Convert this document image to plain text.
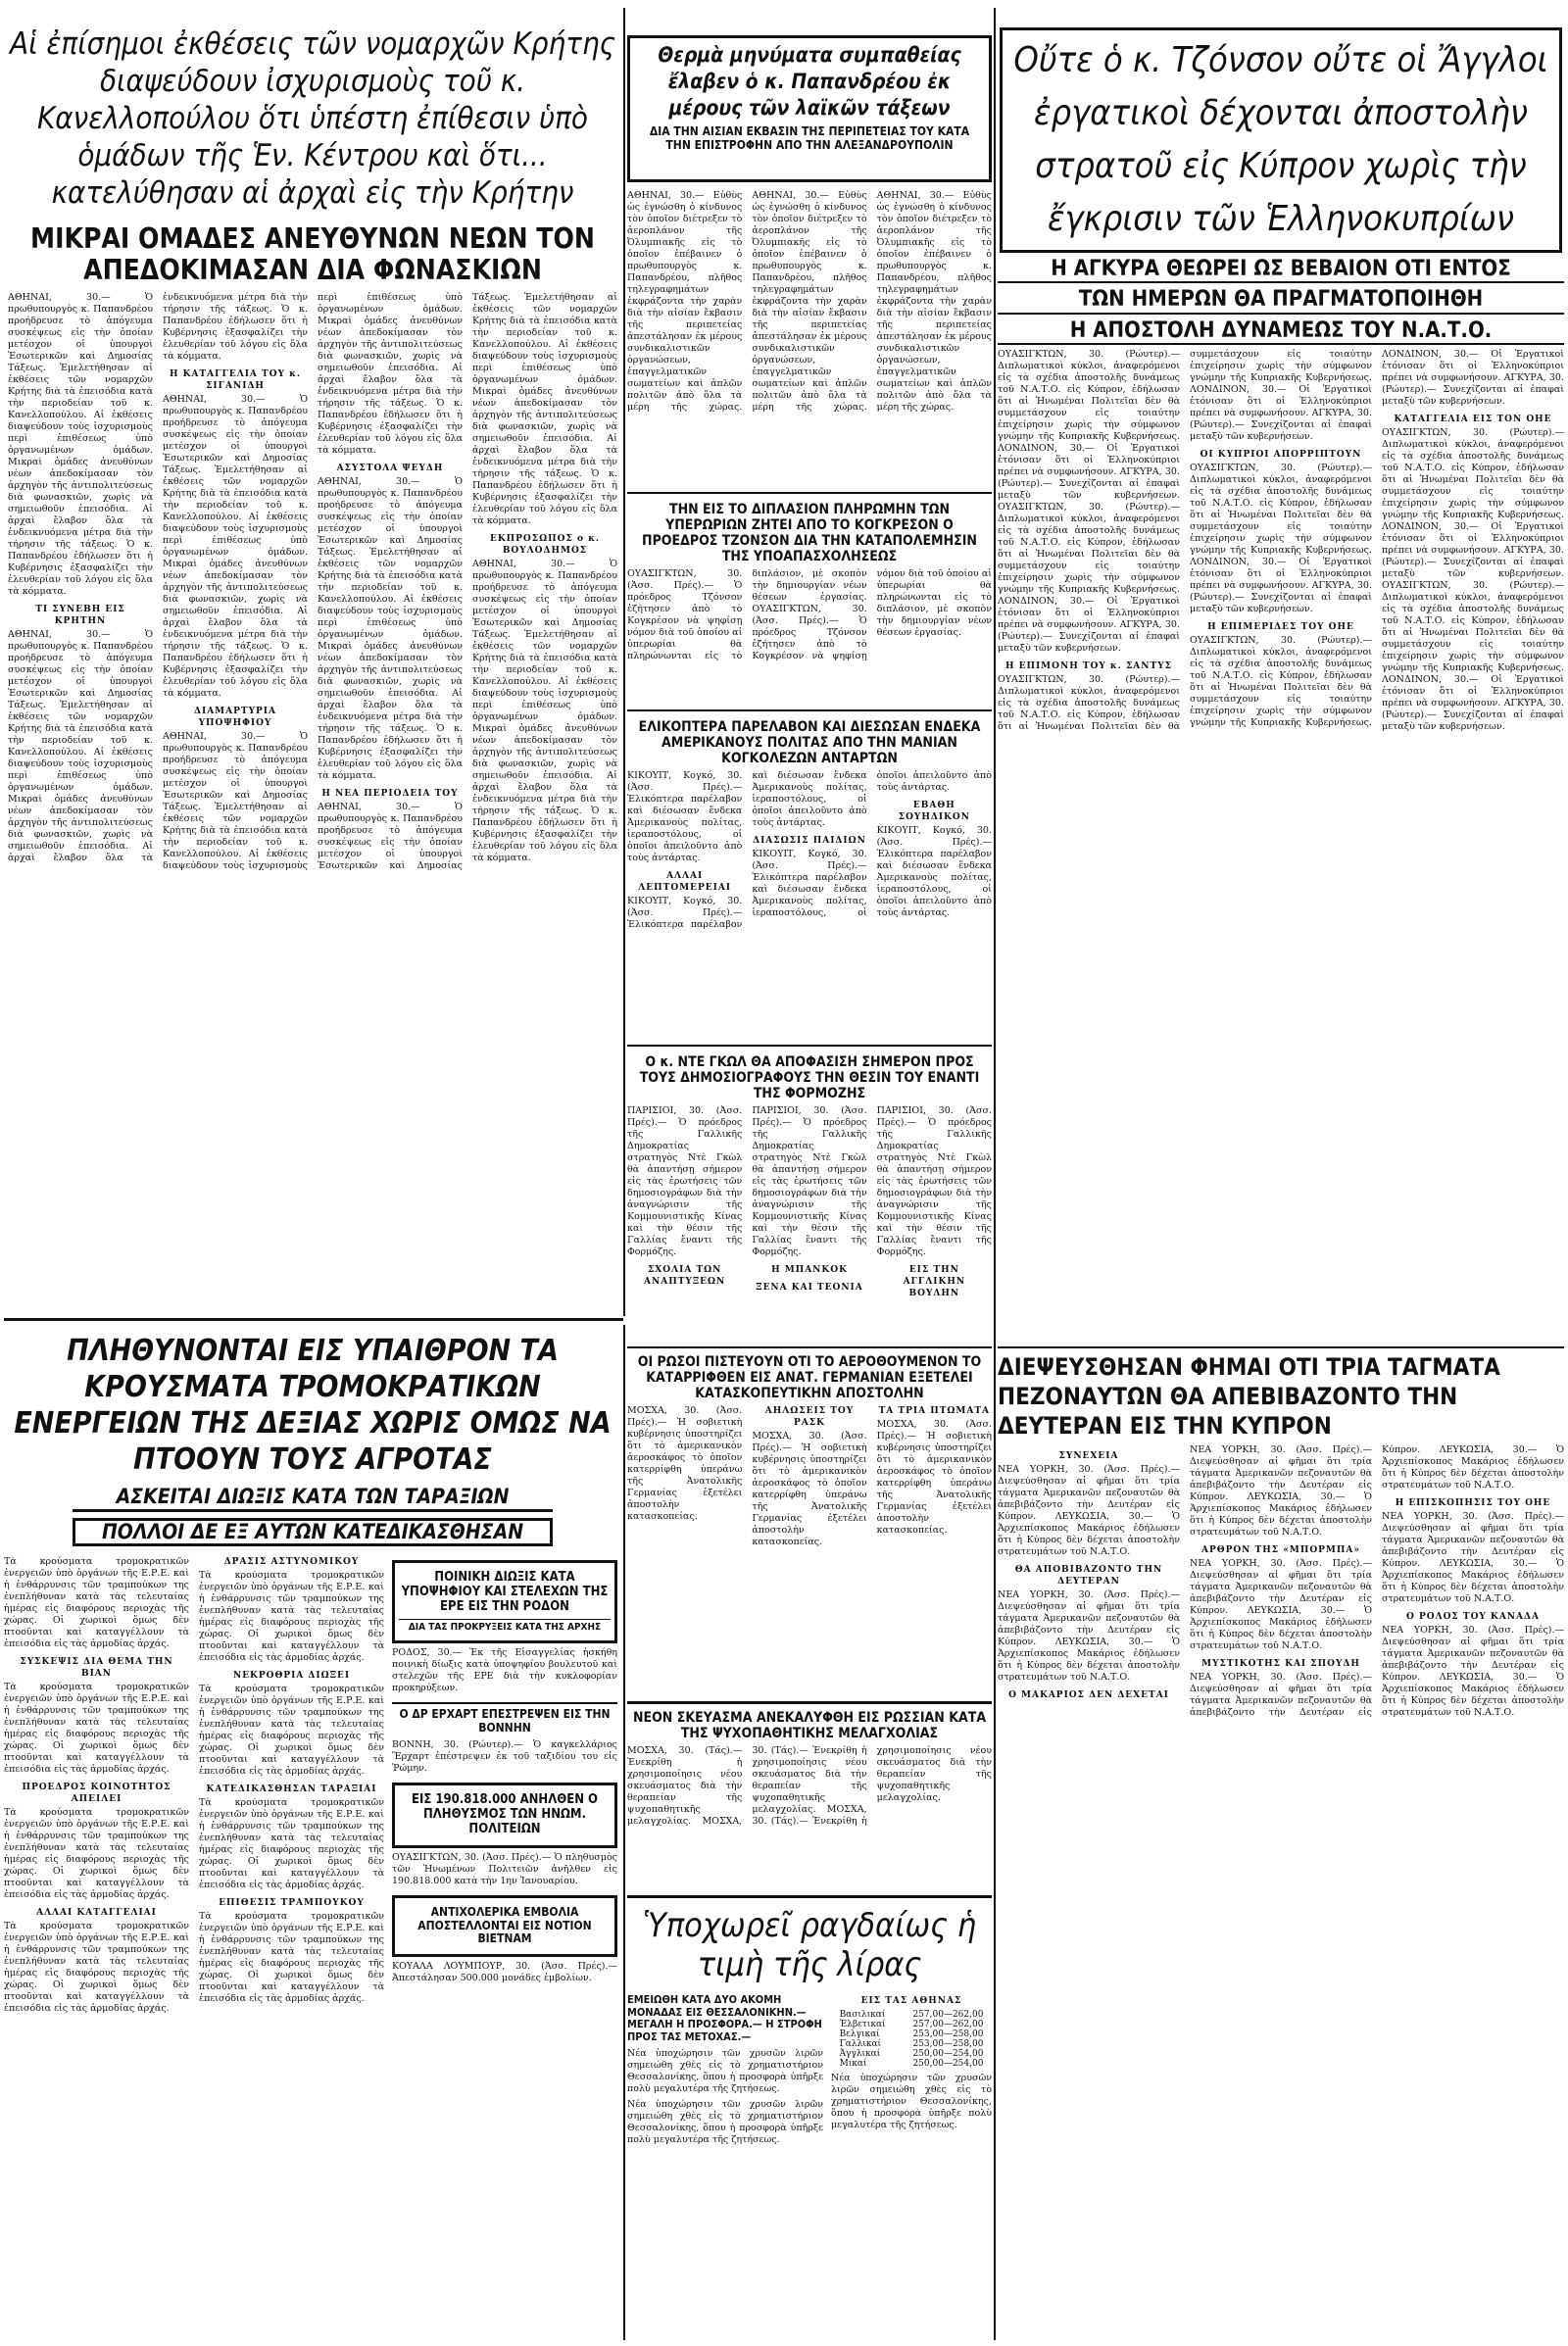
Αἱ ἐπίσημοι ἐκθέσεις τῶν νομαρχῶν Κρήτης διαψεύδουν ἰσχυρισμοὺς τοῦ κ. Κανελλοπούλου ὅτι ὑπέστη ἐπίθεσιν ὑπὸ ὁμάδων τῆς Ἑν. Κέντρου καὶ ὅτι... κατελύθησαν αἱ ἀρχαὶ εἰς τὴν Κρήτην
ΜΙΚΡΑΙ ΟΜΑΔΕΣ ΑΝΕΥΘΥΝΩΝ ΝΕΩΝ ΤΟΝ ΑΠΕΔΟΚΙΜΑΣΑΝ ΔΙΑ ΦΩΝΑΣΚΙΩΝ
ΑΘΗΝΑΙ, 30.— Ὁ πρωθυπουργὸς κ. Παπανδρέου προήδρευσε τὸ ἀπόγευμα συσκέψεως εἰς τὴν ὁποίαν μετέσχον οἱ ὑπουργοὶ Ἐσωτερικῶν καὶ Δημοσίας Τάξεως. Ἐμελετήθησαν αἱ ἐκθέσεις τῶν νομαρχῶν Κρήτης διὰ τὰ ἐπεισόδια κατὰ τὴν περιοδείαν τοῦ κ. Κανελλοπούλου. Αἱ ἐκθέσεις διαψεύδουν τοὺς ἰσχυρισμοὺς περὶ ἐπιθέσεως ὑπὸ ὀργανωμένων ὁμάδων. Μικραὶ ὁμάδες ἀνευθύνων νέων ἀπεδοκίμασαν τὸν ἀρχηγὸν τῆς ἀντιπολιτεύσεως διὰ φωνασκιῶν, χωρὶς νὰ σημειωθοῦν ἐπεισόδια. Αἱ ἀρχαὶ ἔλαβον ὅλα τὰ ἐνδεικνυόμενα μέτρα διὰ τὴν τήρησιν τῆς τάξεως. Ὁ κ. Παπανδρέου ἐδήλωσεν ὅτι ἡ Κυβέρνησις ἐξασφαλίζει τὴν ἐλευθερίαν τοῦ λόγου εἰς ὅλα τὰ κόμματα.
ΤΙ ΣΥΝΕΒΗ ΕΙΣ ΚΡΗΤΗΝ
ΑΘΗΝΑΙ, 30.— Ὁ πρωθυπουργὸς κ. Παπανδρέου προήδρευσε τὸ ἀπόγευμα συσκέψεως εἰς τὴν ὁποίαν μετέσχον οἱ ὑπουργοὶ Ἐσωτερικῶν καὶ Δημοσίας Τάξεως. Ἐμελετήθησαν αἱ ἐκθέσεις τῶν νομαρχῶν Κρήτης διὰ τὰ ἐπεισόδια κατὰ τὴν περιοδείαν τοῦ κ. Κανελλοπούλου. Αἱ ἐκθέσεις διαψεύδουν τοὺς ἰσχυρισμοὺς περὶ ἐπιθέσεως ὑπὸ ὀργανωμένων ὁμάδων. Μικραὶ ὁμάδες ἀνευθύνων νέων ἀπεδοκίμασαν τὸν ἀρχηγὸν τῆς ἀντιπολιτεύσεως διὰ φωνασκιῶν, χωρὶς νὰ σημειωθοῦν ἐπεισόδια. Αἱ ἀρχαὶ ἔλαβον ὅλα τὰ ἐνδεικνυόμενα μέτρα διὰ τὴν τήρησιν τῆς τάξεως. Ὁ κ. Παπανδρέου ἐδήλωσεν ὅτι ἡ Κυβέρνησις ἐξασφαλίζει τὴν ἐλευθερίαν τοῦ λόγου εἰς ὅλα τὰ κόμματα.
Η ΚΑΤΑΓΓΕΛΙΑ ΤΟΥ κ. ΣΙΓΑΝΙΔΗ
ΑΘΗΝΑΙ, 30.— Ὁ πρωθυπουργὸς κ. Παπανδρέου προήδρευσε τὸ ἀπόγευμα συσκέψεως εἰς τὴν ὁποίαν μετέσχον οἱ ὑπουργοὶ Ἐσωτερικῶν καὶ Δημοσίας Τάξεως. Ἐμελετήθησαν αἱ ἐκθέσεις τῶν νομαρχῶν Κρήτης διὰ τὰ ἐπεισόδια κατὰ τὴν περιοδείαν τοῦ κ. Κανελλοπούλου. Αἱ ἐκθέσεις διαψεύδουν τοὺς ἰσχυρισμοὺς περὶ ἐπιθέσεως ὑπὸ ὀργανωμένων ὁμάδων. Μικραὶ ὁμάδες ἀνευθύνων νέων ἀπεδοκίμασαν τὸν ἀρχηγὸν τῆς ἀντιπολιτεύσεως διὰ φωνασκιῶν, χωρὶς νὰ σημειωθοῦν ἐπεισόδια. Αἱ ἀρχαὶ ἔλαβον ὅλα τὰ ἐνδεικνυόμενα μέτρα διὰ τὴν τήρησιν τῆς τάξεως. Ὁ κ. Παπανδρέου ἐδήλωσεν ὅτι ἡ Κυβέρνησις ἐξασφαλίζει τὴν ἐλευθερίαν τοῦ λόγου εἰς ὅλα τὰ κόμματα.
ΔΙΑΜΑΡΤΥΡΙΑ ΥΠΟΨΗΦΙΟΥ
ΑΘΗΝΑΙ, 30.— Ὁ πρωθυπουργὸς κ. Παπανδρέου προήδρευσε τὸ ἀπόγευμα συσκέψεως εἰς τὴν ὁποίαν μετέσχον οἱ ὑπουργοὶ Ἐσωτερικῶν καὶ Δημοσίας Τάξεως. Ἐμελετήθησαν αἱ ἐκθέσεις τῶν νομαρχῶν Κρήτης διὰ τὰ ἐπεισόδια κατὰ τὴν περιοδείαν τοῦ κ. Κανελλοπούλου. Αἱ ἐκθέσεις διαψεύδουν τοὺς ἰσχυρισμοὺς περὶ ἐπιθέσεως ὑπὸ ὀργανωμένων ὁμάδων. Μικραὶ ὁμάδες ἀνευθύνων νέων ἀπεδοκίμασαν τὸν ἀρχηγὸν τῆς ἀντιπολιτεύσεως διὰ φωνασκιῶν, χωρὶς νὰ σημειωθοῦν ἐπεισόδια. Αἱ ἀρχαὶ ἔλαβον ὅλα τὰ ἐνδεικνυόμενα μέτρα διὰ τὴν τήρησιν τῆς τάξεως. Ὁ κ. Παπανδρέου ἐδήλωσεν ὅτι ἡ Κυβέρνησις ἐξασφαλίζει τὴν ἐλευθερίαν τοῦ λόγου εἰς ὅλα τὰ κόμματα.
ΑΣΥΣΤΟΛΑ ΨΕΥΔΗ
ΑΘΗΝΑΙ, 30.— Ὁ πρωθυπουργὸς κ. Παπανδρέου προήδρευσε τὸ ἀπόγευμα συσκέψεως εἰς τὴν ὁποίαν μετέσχον οἱ ὑπουργοὶ Ἐσωτερικῶν καὶ Δημοσίας Τάξεως. Ἐμελετήθησαν αἱ ἐκθέσεις τῶν νομαρχῶν Κρήτης διὰ τὰ ἐπεισόδια κατὰ τὴν περιοδείαν τοῦ κ. Κανελλοπούλου. Αἱ ἐκθέσεις διαψεύδουν τοὺς ἰσχυρισμοὺς περὶ ἐπιθέσεως ὑπὸ ὀργανωμένων ὁμάδων. Μικραὶ ὁμάδες ἀνευθύνων νέων ἀπεδοκίμασαν τὸν ἀρχηγὸν τῆς ἀντιπολιτεύσεως διὰ φωνασκιῶν, χωρὶς νὰ σημειωθοῦν ἐπεισόδια. Αἱ ἀρχαὶ ἔλαβον ὅλα τὰ ἐνδεικνυόμενα μέτρα διὰ τὴν τήρησιν τῆς τάξεως. Ὁ κ. Παπανδρέου ἐδήλωσεν ὅτι ἡ Κυβέρνησις ἐξασφαλίζει τὴν ἐλευθερίαν τοῦ λόγου εἰς ὅλα τὰ κόμματα.
Η ΝΕΑ ΠΕΡΙΟΔΕΙΑ ΤΟΥ
ΑΘΗΝΑΙ, 30.— Ὁ πρωθυπουργὸς κ. Παπανδρέου προήδρευσε τὸ ἀπόγευμα συσκέψεως εἰς τὴν ὁποίαν μετέσχον οἱ ὑπουργοὶ Ἐσωτερικῶν καὶ Δημοσίας Τάξεως. Ἐμελετήθησαν αἱ ἐκθέσεις τῶν νομαρχῶν Κρήτης διὰ τὰ ἐπεισόδια κατὰ τὴν περιοδείαν τοῦ κ. Κανελλοπούλου. Αἱ ἐκθέσεις διαψεύδουν τοὺς ἰσχυρισμοὺς περὶ ἐπιθέσεως ὑπὸ ὀργανωμένων ὁμάδων. Μικραὶ ὁμάδες ἀνευθύνων νέων ἀπεδοκίμασαν τὸν ἀρχηγὸν τῆς ἀντιπολιτεύσεως διὰ φωνασκιῶν, χωρὶς νὰ σημειωθοῦν ἐπεισόδια. Αἱ ἀρχαὶ ἔλαβον ὅλα τὰ ἐνδεικνυόμενα μέτρα διὰ τὴν τήρησιν τῆς τάξεως. Ὁ κ. Παπανδρέου ἐδήλωσεν ὅτι ἡ Κυβέρνησις ἐξασφαλίζει τὴν ἐλευθερίαν τοῦ λόγου εἰς ὅλα τὰ κόμματα.
ΕΚΠΡΟΣΩΠΟΣ ο κ. ΒΟΥΛΟΔΗΜΟΣ
ΑΘΗΝΑΙ, 30.— Ὁ πρωθυπουργὸς κ. Παπανδρέου προήδρευσε τὸ ἀπόγευμα συσκέψεως εἰς τὴν ὁποίαν μετέσχον οἱ ὑπουργοὶ Ἐσωτερικῶν καὶ Δημοσίας Τάξεως. Ἐμελετήθησαν αἱ ἐκθέσεις τῶν νομαρχῶν Κρήτης διὰ τὰ ἐπεισόδια κατὰ τὴν περιοδείαν τοῦ κ. Κανελλοπούλου. Αἱ ἐκθέσεις διαψεύδουν τοὺς ἰσχυρισμοὺς περὶ ἐπιθέσεως ὑπὸ ὀργανωμένων ὁμάδων. Μικραὶ ὁμάδες ἀνευθύνων νέων ἀπεδοκίμασαν τὸν ἀρχηγὸν τῆς ἀντιπολιτεύσεως διὰ φωνασκιῶν, χωρὶς νὰ σημειωθοῦν ἐπεισόδια. Αἱ ἀρχαὶ ἔλαβον ὅλα τὰ ἐνδεικνυόμενα μέτρα διὰ τὴν τήρησιν τῆς τάξεως. Ὁ κ. Παπανδρέου ἐδήλωσεν ὅτι ἡ Κυβέρνησις ἐξασφαλίζει τὴν ἐλευθερίαν τοῦ λόγου εἰς ὅλα τὰ κόμματα.
Θερμὰ μηνύματα συμπαθείας ἔλαβεν ὁ κ. Παπανδρέου ἐκ μέρους τῶν λαϊκῶν τάξεων
ΔΙΑ ΤΗΝ ΑΙΣΙΑΝ ΕΚΒΑΣΙΝ ΤΗΣ ΠΕΡΙΠΕΤΕΙΑΣ ΤΟΥ ΚΑΤΑ ΤΗΝ ΕΠΙΣΤΡΟΦΗΝ ΑΠΟ ΤΗΝ ΑΛΕΞΑΝΔΡΟΥΠΟΛΙΝ
ΑΘΗΝΑΙ, 30.— Εὐθὺς ὡς ἐγνώσθη ὁ κίνδυνος τὸν ὁποῖον διέτρεξεν τὸ ἀεροπλάνον τῆς Ὀλυμπιακῆς εἰς τὸ ὁποῖον ἐπέβαινεν ὁ πρωθυπουργὸς κ. Παπανδρέου, πλῆθος τηλεγραφημάτων ἐκφράζοντα τὴν χαρὰν διὰ τὴν αἰσίαν ἔκβασιν τῆς περιπετείας ἀπεστάλησαν ἐκ μέρους συνδικαλιστικῶν ὀργανώσεων, ἐπαγγελματικῶν σωματείων καὶ ἁπλῶν πολιτῶν ἀπὸ ὅλα τὰ μέρη τῆς χώρας. ΑΘΗΝΑΙ, 30.— Εὐθὺς ὡς ἐγνώσθη ὁ κίνδυνος τὸν ὁποῖον διέτρεξεν τὸ ἀεροπλάνον τῆς Ὀλυμπιακῆς εἰς τὸ ὁποῖον ἐπέβαινεν ὁ πρωθυπουργὸς κ. Παπανδρέου, πλῆθος τηλεγραφημάτων ἐκφράζοντα τὴν χαρὰν διὰ τὴν αἰσίαν ἔκβασιν τῆς περιπετείας ἀπεστάλησαν ἐκ μέρους συνδικαλιστικῶν ὀργανώσεων, ἐπαγγελματικῶν σωματείων καὶ ἁπλῶν πολιτῶν ἀπὸ ὅλα τὰ μέρη τῆς χώρας. ΑΘΗΝΑΙ, 30.— Εὐθὺς ὡς ἐγνώσθη ὁ κίνδυνος τὸν ὁποῖον διέτρεξεν τὸ ἀεροπλάνον τῆς Ὀλυμπιακῆς εἰς τὸ ὁποῖον ἐπέβαινεν ὁ πρωθυπουργὸς κ. Παπανδρέου, πλῆθος τηλεγραφημάτων ἐκφράζοντα τὴν χαρὰν διὰ τὴν αἰσίαν ἔκβασιν τῆς περιπετείας ἀπεστάλησαν ἐκ μέρους συνδικαλιστικῶν ὀργανώσεων, ἐπαγγελματικῶν σωματείων καὶ ἁπλῶν πολιτῶν ἀπὸ ὅλα τὰ μέρη τῆς χώρας.
ΤΗΝ ΕΙΣ ΤΟ ΔΙΠΛΑΣΙΟΝ ΠΛΗΡΩΜΗΝ ΤΩΝ ΥΠΕΡΩΡΙΩΝ ΖΗΤΕΙ ΑΠΟ ΤΟ ΚΟΓΚΡΕΣΟΝ Ο ΠΡΟΕΔΡΟΣ ΤΖΟΝΣΟΝ ΔΙΑ ΤΗΝ ΚΑΤΑΠΟΛΕΜΗΣΙΝ ΤΗΣ ΥΠΟΑΠΑΣΧΟΛΗΣΕΩΣ
ΟΥΑΣΙΓΚΤΩΝ, 30. (Ἀσσ. Πρές).— Ὁ πρόεδρος Τζόνσον ἐζήτησεν ἀπὸ τὸ Κογκρέσον νὰ ψηφίσῃ νόμον διὰ τοῦ ὁποίου αἱ ὑπερωρίαι θὰ πληρώνωνται εἰς τὸ διπλάσιον, μὲ σκοπὸν τὴν δημιουργίαν νέων θέσεων ἐργασίας. ΟΥΑΣΙΓΚΤΩΝ, 30. (Ἀσσ. Πρές).— Ὁ πρόεδρος Τζόνσον ἐζήτησεν ἀπὸ τὸ Κογκρέσον νὰ ψηφίσῃ νόμον διὰ τοῦ ὁποίου αἱ ὑπερωρίαι θὰ πληρώνωνται εἰς τὸ διπλάσιον, μὲ σκοπὸν τὴν δημιουργίαν νέων θέσεων ἐργασίας.
ΕΛΙΚΟΠΤΕΡΑ ΠΑΡΕΛΑΒΟΝ ΚΑΙ ΔΙΕΣΩΣΑΝ ΕΝΔΕΚΑ ΑΜΕΡΙΚΑΝΟΥΣ ΠΟΛΙΤΑΣ ΑΠΟ ΤΗΝ ΜΑΝΙΑΝ ΚΟΓΚΟΛΕΖΩΝ ΑΝΤΑΡΤΩΝ
ΚΙΚΟΥΙΤ, Κογκό, 30. (Ἀσσ. Πρές).— Ἑλικόπτερα παρέλαβον καὶ διέσωσαν ἕνδεκα Ἀμερικανοὺς πολίτας, ἱεραποστόλους, οἱ ὁποῖοι ἀπειλοῦντο ἀπὸ τοὺς ἀντάρτας.
ΑΛΛΑΙ ΛΕΠΤΟΜΕΡΕΙΑΙ
ΚΙΚΟΥΙΤ, Κογκό, 30. (Ἀσσ. Πρές).— Ἑλικόπτερα παρέλαβον καὶ διέσωσαν ἕνδεκα Ἀμερικανοὺς πολίτας, ἱεραποστόλους, οἱ ὁποῖοι ἀπειλοῦντο ἀπὸ τοὺς ἀντάρτας.
ΔΙΑΣΩΣΙΣ ΠΑΙΔΙΩΝ
ΚΙΚΟΥΙΤ, Κογκό, 30. (Ἀσσ. Πρές).— Ἑλικόπτερα παρέλαβον καὶ διέσωσαν ἕνδεκα Ἀμερικανοὺς πολίτας, ἱεραποστόλους, οἱ ὁποῖοι ἀπειλοῦντο ἀπὸ τοὺς ἀντάρτας.
ΕΒΑΘΗ ΣΟΥΗΔΙΚΟΝ
ΚΙΚΟΥΙΤ, Κογκό, 30. (Ἀσσ. Πρές).— Ἑλικόπτερα παρέλαβον καὶ διέσωσαν ἕνδεκα Ἀμερικανοὺς πολίτας, ἱεραποστόλους, οἱ ὁποῖοι ἀπειλοῦντο ἀπὸ τοὺς ἀντάρτας.
Ο κ. ΝΤΕ ΓΚΩΛ ΘΑ ΑΠΟΦΑΣΙΣΗ ΣΗΜΕΡΟΝ ΠΡΟΣ ΤΟΥΣ ΔΗΜΟΣΙΟΓΡΑΦΟΥΣ ΤΗΝ ΘΕΣΙΝ ΤΟΥ ΕΝΑΝΤΙ ΤΗΣ ΦΟΡΜΟΖΗΣ
ΠΑΡΙΣΙΟΙ, 30. (Ἀσσ. Πρές).— Ὁ πρόεδρος τῆς Γαλλικῆς Δημοκρατίας στρατηγὸς Ντὲ Γκὼλ θὰ ἀπαντήσῃ σήμερον εἰς τὰς ἐρωτήσεις τῶν δημοσιογράφων διὰ τὴν ἀναγνώρισιν τῆς Κομμουνιστικῆς Κίνας καὶ τὴν θέσιν τῆς Γαλλίας ἔναντι τῆς Φορμόζης.
ΣΧΟΛΙΑ ΤΩΝ ΑΝΑΠΤΥΞΕΩΝ
ΠΑΡΙΣΙΟΙ, 30. (Ἀσσ. Πρές).— Ὁ πρόεδρος τῆς Γαλλικῆς Δημοκρατίας στρατηγὸς Ντὲ Γκὼλ θὰ ἀπαντήσῃ σήμερον εἰς τὰς ἐρωτήσεις τῶν δημοσιογράφων διὰ τὴν ἀναγνώρισιν τῆς Κομμουνιστικῆς Κίνας καὶ τὴν θέσιν τῆς Γαλλίας ἔναντι τῆς Φορμόζης.
Η ΜΠΑΝΚΟΚ
ΞΕΝΑ ΚΑΙ ΤΕΟΝΙΑ
ΠΑΡΙΣΙΟΙ, 30. (Ἀσσ. Πρές).— Ὁ πρόεδρος τῆς Γαλλικῆς Δημοκρατίας στρατηγὸς Ντὲ Γκὼλ θὰ ἀπαντήσῃ σήμερον εἰς τὰς ἐρωτήσεις τῶν δημοσιογράφων διὰ τὴν ἀναγνώρισιν τῆς Κομμουνιστικῆς Κίνας καὶ τὴν θέσιν τῆς Γαλλίας ἔναντι τῆς Φορμόζης.
ΕΙΣ ΤΗΝ ΑΓΓΛΙΚΗΝ ΒΟΥΛΗΝ
Οὔτε ὁ κ. Τζόνσον οὔτε οἱ Ἄγγλοι ἐργατικοὶ δέχονται ἀποστολὴν στρατοῦ εἰς Κύπρον χωρὶς τὴν ἔγκρισιν τῶν Ἑλληνοκυπρίων
Η ΑΓΚΥΡΑ ΘΕΩΡΕΙ ΩΣ ΒΕΒΑΙΟΝ ΟΤΙ ΕΝΤΟΣ
ΤΩΝ ΗΜΕΡΩΝ ΘΑ ΠΡΑΓΜΑΤΟΠΟΙΗΘΗ
Η ΑΠΟΣΤΟΛΗ ΔΥΝΑΜΕΩΣ ΤΟΥ Ν.Α.Τ.Ο.
ΟΥΑΣΙΓΚΤΩΝ, 30. (Ρώυτερ).— Διπλωματικοὶ κύκλοι, ἀναφερόμενοι εἰς τὰ σχέδια ἀποστολῆς δυνάμεως τοῦ Ν.Α.Τ.Ο. εἰς Κύπρον, ἐδήλωσαν ὅτι αἱ Ἡνωμέναι Πολιτεῖαι δὲν θὰ συμμετάσχουν εἰς τοιαύτην ἐπιχείρησιν χωρὶς τὴν σύμφωνον γνώμην τῆς Κυπριακῆς Κυβερνήσεως. ΛΟΝΔΙΝΟΝ, 30.— Οἱ Ἐργατικοὶ ἐτόνισαν ὅτι οἱ Ἑλληνοκύπριοι πρέπει νὰ συμφωνήσουν. ΑΓΚΥΡΑ, 30. (Ρώυτερ).— Συνεχίζονται αἱ ἐπαφαὶ μεταξὺ τῶν κυβερνήσεων. ΟΥΑΣΙΓΚΤΩΝ, 30. (Ρώυτερ).— Διπλωματικοὶ κύκλοι, ἀναφερόμενοι εἰς τὰ σχέδια ἀποστολῆς δυνάμεως τοῦ Ν.Α.Τ.Ο. εἰς Κύπρον, ἐδήλωσαν ὅτι αἱ Ἡνωμέναι Πολιτεῖαι δὲν θὰ συμμετάσχουν εἰς τοιαύτην ἐπιχείρησιν χωρὶς τὴν σύμφωνον γνώμην τῆς Κυπριακῆς Κυβερνήσεως. ΛΟΝΔΙΝΟΝ, 30.— Οἱ Ἐργατικοὶ ἐτόνισαν ὅτι οἱ Ἑλληνοκύπριοι πρέπει νὰ συμφωνήσουν. ΑΓΚΥΡΑ, 30. (Ρώυτερ).— Συνεχίζονται αἱ ἐπαφαὶ μεταξὺ τῶν κυβερνήσεων.
Η ΕΠΙΜΟΝΗ ΤΟΥ κ. ΣΑΝΤΥΣ
ΟΥΑΣΙΓΚΤΩΝ, 30. (Ρώυτερ).— Διπλωματικοὶ κύκλοι, ἀναφερόμενοι εἰς τὰ σχέδια ἀποστολῆς δυνάμεως τοῦ Ν.Α.Τ.Ο. εἰς Κύπρον, ἐδήλωσαν ὅτι αἱ Ἡνωμέναι Πολιτεῖαι δὲν θὰ συμμετάσχουν εἰς τοιαύτην ἐπιχείρησιν χωρὶς τὴν σύμφωνον γνώμην τῆς Κυπριακῆς Κυβερνήσεως. ΛΟΝΔΙΝΟΝ, 30.— Οἱ Ἐργατικοὶ ἐτόνισαν ὅτι οἱ Ἑλληνοκύπριοι πρέπει νὰ συμφωνήσουν. ΑΓΚΥΡΑ, 30. (Ρώυτερ).— Συνεχίζονται αἱ ἐπαφαὶ μεταξὺ τῶν κυβερνήσεων.
ΟΙ ΚΥΠΡΙΟΙ ΑΠΟΡΡΙΠΤΟΥΝ
ΟΥΑΣΙΓΚΤΩΝ, 30. (Ρώυτερ).— Διπλωματικοὶ κύκλοι, ἀναφερόμενοι εἰς τὰ σχέδια ἀποστολῆς δυνάμεως τοῦ Ν.Α.Τ.Ο. εἰς Κύπρον, ἐδήλωσαν ὅτι αἱ Ἡνωμέναι Πολιτεῖαι δὲν θὰ συμμετάσχουν εἰς τοιαύτην ἐπιχείρησιν χωρὶς τὴν σύμφωνον γνώμην τῆς Κυπριακῆς Κυβερνήσεως. ΛΟΝΔΙΝΟΝ, 30.— Οἱ Ἐργατικοὶ ἐτόνισαν ὅτι οἱ Ἑλληνοκύπριοι πρέπει νὰ συμφωνήσουν. ΑΓΚΥΡΑ, 30. (Ρώυτερ).— Συνεχίζονται αἱ ἐπαφαὶ μεταξὺ τῶν κυβερνήσεων.
Η ΕΠΙΜΕΡΙΔΕΣ ΤΟΥ ΟΗΕ
ΟΥΑΣΙΓΚΤΩΝ, 30. (Ρώυτερ).— Διπλωματικοὶ κύκλοι, ἀναφερόμενοι εἰς τὰ σχέδια ἀποστολῆς δυνάμεως τοῦ Ν.Α.Τ.Ο. εἰς Κύπρον, ἐδήλωσαν ὅτι αἱ Ἡνωμέναι Πολιτεῖαι δὲν θὰ συμμετάσχουν εἰς τοιαύτην ἐπιχείρησιν χωρὶς τὴν σύμφωνον γνώμην τῆς Κυπριακῆς Κυβερνήσεως. ΛΟΝΔΙΝΟΝ, 30.— Οἱ Ἐργατικοὶ ἐτόνισαν ὅτι οἱ Ἑλληνοκύπριοι πρέπει νὰ συμφωνήσουν. ΑΓΚΥΡΑ, 30. (Ρώυτερ).— Συνεχίζονται αἱ ἐπαφαὶ μεταξὺ τῶν κυβερνήσεων.
ΚΑΤΑΓΓΕΛΙΑ ΕΙΣ ΤΟΝ ΟΗΕ
ΟΥΑΣΙΓΚΤΩΝ, 30. (Ρώυτερ).— Διπλωματικοὶ κύκλοι, ἀναφερόμενοι εἰς τὰ σχέδια ἀποστολῆς δυνάμεως τοῦ Ν.Α.Τ.Ο. εἰς Κύπρον, ἐδήλωσαν ὅτι αἱ Ἡνωμέναι Πολιτεῖαι δὲν θὰ συμμετάσχουν εἰς τοιαύτην ἐπιχείρησιν χωρὶς τὴν σύμφωνον γνώμην τῆς Κυπριακῆς Κυβερνήσεως. ΛΟΝΔΙΝΟΝ, 30.— Οἱ Ἐργατικοὶ ἐτόνισαν ὅτι οἱ Ἑλληνοκύπριοι πρέπει νὰ συμφωνήσουν. ΑΓΚΥΡΑ, 30. (Ρώυτερ).— Συνεχίζονται αἱ ἐπαφαὶ μεταξὺ τῶν κυβερνήσεων. ΟΥΑΣΙΓΚΤΩΝ, 30. (Ρώυτερ).— Διπλωματικοὶ κύκλοι, ἀναφερόμενοι εἰς τὰ σχέδια ἀποστολῆς δυνάμεως τοῦ Ν.Α.Τ.Ο. εἰς Κύπρον, ἐδήλωσαν ὅτι αἱ Ἡνωμέναι Πολιτεῖαι δὲν θὰ συμμετάσχουν εἰς τοιαύτην ἐπιχείρησιν χωρὶς τὴν σύμφωνον γνώμην τῆς Κυπριακῆς Κυβερνήσεως. ΛΟΝΔΙΝΟΝ, 30.— Οἱ Ἐργατικοὶ ἐτόνισαν ὅτι οἱ Ἑλληνοκύπριοι πρέπει νὰ συμφωνήσουν. ΑΓΚΥΡΑ, 30. (Ρώυτερ).— Συνεχίζονται αἱ ἐπαφαὶ μεταξὺ τῶν κυβερνήσεων.
ΠΛΗΘΥΝΟΝΤΑΙ ΕΙΣ ΥΠΑΙΘΡΟΝ ΤΑ ΚΡΟΥΣΜΑΤΑ ΤΡΟΜΟΚΡΑΤΙΚΩΝ ΕΝΕΡΓΕΙΩΝ ΤΗΣ ΔΕΞΙΑΣ ΧΩΡΙΣ ΟΜΩΣ ΝΑ ΠΤΟΟΥΝ ΤΟΥΣ ΑΓΡΟΤΑΣ
ΑΣΚΕΙΤΑΙ ΔΙΩΞΙΣ ΚΑΤΑ ΤΩΝ ΤΑΡΑΞΙΩΝ
ΠΟΛΛΟΙ ΔΕ ΕΞ ΑΥΤΩΝ ΚΑΤΕΔΙΚΑΣΘΗΣΑΝ
Τὰ κρούσματα τρομοκρατικῶν ἐνεργειῶν ὑπὸ ὀργάνων τῆς Ε.Ρ.Ε. καὶ ἡ ἐνθάρρυνσις τῶν τραμπούκων της ἐνεπλήθυναν κατὰ τὰς τελευταίας ἡμέρας εἰς διαφόρους περιοχὰς τῆς χώρας. Οἱ χωρικοὶ ὅμως δὲν πτοοῦνται καὶ καταγγέλλουν τὰ ἐπεισόδια εἰς τὰς ἀρμοδίας ἀρχάς.
ΣΥΣΚΕΨΙΣ ΔΙΑ ΘΕΜΑ ΤΗΝ ΒΙΑΝ
Τὰ κρούσματα τρομοκρατικῶν ἐνεργειῶν ὑπὸ ὀργάνων τῆς Ε.Ρ.Ε. καὶ ἡ ἐνθάρρυνσις τῶν τραμπούκων της ἐνεπλήθυναν κατὰ τὰς τελευταίας ἡμέρας εἰς διαφόρους περιοχὰς τῆς χώρας. Οἱ χωρικοὶ ὅμως δὲν πτοοῦνται καὶ καταγγέλλουν τὰ ἐπεισόδια εἰς τὰς ἀρμοδίας ἀρχάς.
ΠΡΟΕΔΡΟΣ ΚΟΙΝΟΤΗΤΟΣ ΑΠΕΙΛΕΙ
Τὰ κρούσματα τρομοκρατικῶν ἐνεργειῶν ὑπὸ ὀργάνων τῆς Ε.Ρ.Ε. καὶ ἡ ἐνθάρρυνσις τῶν τραμπούκων της ἐνεπλήθυναν κατὰ τὰς τελευταίας ἡμέρας εἰς διαφόρους περιοχὰς τῆς χώρας. Οἱ χωρικοὶ ὅμως δὲν πτοοῦνται καὶ καταγγέλλουν τὰ ἐπεισόδια εἰς τὰς ἀρμοδίας ἀρχάς.
ΑΛΛΑΙ ΚΑΤΑΓΓΕΛΙΑΙ
Τὰ κρούσματα τρομοκρατικῶν ἐνεργειῶν ὑπὸ ὀργάνων τῆς Ε.Ρ.Ε. καὶ ἡ ἐνθάρρυνσις τῶν τραμπούκων της ἐνεπλήθυναν κατὰ τὰς τελευταίας ἡμέρας εἰς διαφόρους περιοχὰς τῆς χώρας. Οἱ χωρικοὶ ὅμως δὲν πτοοῦνται καὶ καταγγέλλουν τὰ ἐπεισόδια εἰς τὰς ἀρμοδίας ἀρχάς.
ΔΡΑΣΙΣ ΑΣΤΥΝΟΜΙΚΟΥ
Τὰ κρούσματα τρομοκρατικῶν ἐνεργειῶν ὑπὸ ὀργάνων τῆς Ε.Ρ.Ε. καὶ ἡ ἐνθάρρυνσις τῶν τραμπούκων της ἐνεπλήθυναν κατὰ τὰς τελευταίας ἡμέρας εἰς διαφόρους περιοχὰς τῆς χώρας. Οἱ χωρικοὶ ὅμως δὲν πτοοῦνται καὶ καταγγέλλουν τὰ ἐπεισόδια εἰς τὰς ἀρμοδίας ἀρχάς.
ΝΕΚΡΟΘΡΙΑ ΔΙΩΞΕΙ
Τὰ κρούσματα τρομοκρατικῶν ἐνεργειῶν ὑπὸ ὀργάνων τῆς Ε.Ρ.Ε. καὶ ἡ ἐνθάρρυνσις τῶν τραμπούκων της ἐνεπλήθυναν κατὰ τὰς τελευταίας ἡμέρας εἰς διαφόρους περιοχὰς τῆς χώρας. Οἱ χωρικοὶ ὅμως δὲν πτοοῦνται καὶ καταγγέλλουν τὰ ἐπεισόδια εἰς τὰς ἀρμοδίας ἀρχάς.
ΚΑΤΕΔΙΚΑΣΘΗΣΑΝ ΤΑΡΑΞΙΑΙ
Τὰ κρούσματα τρομοκρατικῶν ἐνεργειῶν ὑπὸ ὀργάνων τῆς Ε.Ρ.Ε. καὶ ἡ ἐνθάρρυνσις τῶν τραμπούκων της ἐνεπλήθυναν κατὰ τὰς τελευταίας ἡμέρας εἰς διαφόρους περιοχὰς τῆς χώρας. Οἱ χωρικοὶ ὅμως δὲν πτοοῦνται καὶ καταγγέλλουν τὰ ἐπεισόδια εἰς τὰς ἀρμοδίας ἀρχάς.
ΕΠΙΘΕΣΙΣ ΤΡΑΜΠΟΥΚΟΥ
Τὰ κρούσματα τρομοκρατικῶν ἐνεργειῶν ὑπὸ ὀργάνων τῆς Ε.Ρ.Ε. καὶ ἡ ἐνθάρρυνσις τῶν τραμπούκων της ἐνεπλήθυναν κατὰ τὰς τελευταίας ἡμέρας εἰς διαφόρους περιοχὰς τῆς χώρας. Οἱ χωρικοὶ ὅμως δὲν πτοοῦνται καὶ καταγγέλλουν τὰ ἐπεισόδια εἰς τὰς ἀρμοδίας ἀρχάς.
ΠΟΙΝΙΚΗ ΔΙΩΞΙΣ ΚΑΤΑ ΥΠΟΨΗΦΙΟΥ ΚΑΙ ΣΤΕΛΕΧΩΝ ΤΗΣ ΕΡΕ ΕΙΣ ΤΗΝ ΡΟΔΟΝ
ΔΙΑ ΤΑΣ ΠΡΟΚΡΥΞΕΙΣ ΚΑΤΑ ΤΗΣ ΑΡΧΗΣ
ΡΟΔΟΣ, 30.— Ἐκ τῆς Εἰσαγγελίας ἠσκήθη ποινικὴ δίωξις κατὰ ὑποψηφίου βουλευτοῦ καὶ στελεχῶν τῆς ΕΡΕ διὰ τὴν κυκλοφορίαν προκηρύξεων.
Ο ΔΡ ΕΡΧΑΡΤ ΕΠΕΣΤΡΕΨΕΝ ΕΙΣ ΤΗΝ ΒΟΝΝΗΝ
ΒΟΝΝΗ, 30. (Ρώυτερ).— Ὁ καγκελλάριος Ἔρχαρτ ἐπέστρεψεν ἐκ τοῦ ταξιδίου του εἰς Ῥώμην.
ΕΙΣ 190.818.000 ΑΝΗΛΘΕΝ Ο ΠΛΗΘΥΣΜΟΣ ΤΩΝ ΗΝΩΜ. ΠΟΛΙΤΕΙΩΝ
ΟΥΑΣΙΓΚΤΩΝ, 30. (Ἀσσ. Πρές).— Ὁ πληθυσμὸς τῶν Ἡνωμένων Πολιτειῶν ἀνῆλθεν εἰς 190.818.000 κατὰ τὴν 1ην Ἰανουαρίου.
ΑΝΤΙΧΟΛΕΡΙΚΑ ΕΜΒΟΛΙΑ ΑΠΟΣΤΕΛΛΟΝΤΑΙ ΕΙΣ ΝΟΤΙΟΝ ΒΙΕΤΝΑΜ
ΚΟΥΑΛΑ ΛΟΥΜΠΟΥΡ, 30. (Ἀσσ. Πρές).— Ἀπεστάλησαν 500.000 μονάδες ἐμβολίων.
ΟΙ ΡΩΣΟΙ ΠΙΣΤΕΥΟΥΝ ΟΤΙ ΤΟ ΑΕΡΟΘΟΥΜΕΝΟΝ ΤΟ ΚΑΤΑΡΡΙΦΘΕΝ ΕΙΣ ΑΝΑΤ. ΓΕΡΜΑΝΙΑΝ ΕΞΕΤΕΛΕΙ ΚΑΤΑΣΚΟΠΕΥΤΙΚΗΝ ΑΠΟΣΤΟΛΗΝ
ΜΟΣΧΑ, 30. (Ἀσσ. Πρές).— Ἡ σοβιετικὴ κυβέρνησις ὑποστηρίζει ὅτι τὸ ἀμερικανικὸν ἀεροσκάφος τὸ ὁποῖον κατερρίφθη ὑπεράνω τῆς Ἀνατολικῆς Γερμανίας ἐξετέλει ἀποστολὴν κατασκοπείας.
ΑΗΛΩΣΕΙΣ ΤΟΥ ΡΑΣΚ
ΜΟΣΧΑ, 30. (Ἀσσ. Πρές).— Ἡ σοβιετικὴ κυβέρνησις ὑποστηρίζει ὅτι τὸ ἀμερικανικὸν ἀεροσκάφος τὸ ὁποῖον κατερρίφθη ὑπεράνω τῆς Ἀνατολικῆς Γερμανίας ἐξετέλει ἀποστολὴν κατασκοπείας.
ΤΑ ΤΡΙΑ ΠΤΩΜΑΤΑ
ΜΟΣΧΑ, 30. (Ἀσσ. Πρές).— Ἡ σοβιετικὴ κυβέρνησις ὑποστηρίζει ὅτι τὸ ἀμερικανικὸν ἀεροσκάφος τὸ ὁποῖον κατερρίφθη ὑπεράνω τῆς Ἀνατολικῆς Γερμανίας ἐξετέλει ἀποστολὴν κατασκοπείας.
ΝΕΟΝ ΣΚΕΥΑΣΜΑ ΑΝΕΚΑΛΥΦΘΗ ΕΙΣ ΡΩΣΣΙΑΝ ΚΑΤΑ ΤΗΣ ΨΥΧΟΠΑΘΗΤΙΚΗΣ ΜΕΛΑΓΧΟΛΙΑΣ
ΜΟΣΧΑ, 30. (Τάς).— Ἐνεκρίθη ἡ χρησιμοποίησις νέου σκευάσματος διὰ τὴν θεραπείαν τῆς ψυχοπαθητικῆς μελαγχολίας. ΜΟΣΧΑ, 30. (Τάς).— Ἐνεκρίθη ἡ χρησιμοποίησις νέου σκευάσματος διὰ τὴν θεραπείαν τῆς ψυχοπαθητικῆς μελαγχολίας. ΜΟΣΧΑ, 30. (Τάς).— Ἐνεκρίθη ἡ χρησιμοποίησις νέου σκευάσματος διὰ τὴν θεραπείαν τῆς ψυχοπαθητικῆς μελαγχολίας.
Ὑποχωρεῖ ραγδαίως ἡ τιμὴ τῆς λίρας
ΕΜΕΙΩΘΗ ΚΑΤΑ ΔΥΟ ΑΚΟΜΗ ΜΟΝΑΔΑΣ ΕΙΣ ΘΕΣΣΑΛΟΝΙΚΗΝ.— ΜΕΓΑΛΗ Η ΠΡΟΣΦΟΡΑ.— Η ΣΤΡΟΦΗ ΠΡΟΣ ΤΑΣ ΜΕΤΟΧΑΣ.—
Νέα ὑποχώρησιν τῶν χρυσῶν λιρῶν σημειώθη χθὲς εἰς τὸ χρηματιστήριον Θεσσαλονίκης, ὅπου ἡ προσφορὰ ὑπῆρξε πολὺ μεγαλυτέρα τῆς ζητήσεως.
Νέα ὑποχώρησιν τῶν χρυσῶν λιρῶν σημειώθη χθὲς εἰς τὸ χρηματιστήριον Θεσσαλονίκης, ὅπου ἡ προσφορὰ ὑπῆρξε πολὺ μεγαλυτέρα τῆς ζητήσεως.
ΕΙΣ ΤΑΣ ΑΘΗΝΑΣ
Βασιλικαί	257,00—262,00
Ἐλβετικαί	257,00—262,00
Βελγικαί	253,00—258,00
Γαλλικαί	253,00—258,00
Ἀγγλικαί	250,00—254,00
Μικαί	250,00—254,00
Νέα ὑποχώρησιν τῶν χρυσῶν λιρῶν σημειώθη χθὲς εἰς τὸ χρηματιστήριον Θεσσαλονίκης, ὅπου ἡ προσφορὰ ὑπῆρξε πολὺ μεγαλυτέρα τῆς ζητήσεως.
ΔΙΕΨΕΥΣΘΗΣΑΝ ΦΗΜΑΙ ΟΤΙ ΤΡΙΑ ΤΑΓΜΑΤΑ ΠΕΖΟΝΑΥΤΩΝ ΘΑ ΑΠΕΒΙΒΑΖΟΝΤΟ ΤΗΝ ΔΕΥΤΕΡΑΝ ΕΙΣ ΤΗΝ ΚΥΠΡΟΝ
ΣΥΝΕΧΕΙΑ
ΝΕΑ ΥΟΡΚΗ, 30. (Ἀσσ. Πρές).— Διεψεύσθησαν αἱ φῆμαι ὅτι τρία τάγματα Ἀμερικανῶν πεζοναυτῶν θὰ ἀπεβιβάζοντο τὴν Δευτέραν εἰς Κύπρον. ΛΕΥΚΩΣΙΑ, 30.— Ὁ Ἀρχιεπίσκοπος Μακάριος ἐδήλωσεν ὅτι ἡ Κύπρος δὲν δέχεται ἀποστολὴν στρατευμάτων τοῦ Ν.Α.Τ.Ο.
ΘΑ ΑΠΟΒΙΒΑΖΟΝΤΟ ΤΗΝ ΔΕΥΤΕΡΑΝ
ΝΕΑ ΥΟΡΚΗ, 30. (Ἀσσ. Πρές).— Διεψεύσθησαν αἱ φῆμαι ὅτι τρία τάγματα Ἀμερικανῶν πεζοναυτῶν θὰ ἀπεβιβάζοντο τὴν Δευτέραν εἰς Κύπρον. ΛΕΥΚΩΣΙΑ, 30.— Ὁ Ἀρχιεπίσκοπος Μακάριος ἐδήλωσεν ὅτι ἡ Κύπρος δὲν δέχεται ἀποστολὴν στρατευμάτων τοῦ Ν.Α.Τ.Ο.
Ο ΜΑΚΑΡΙΟΣ ΔΕΝ ΔΕΧΕΤΑΙ
ΝΕΑ ΥΟΡΚΗ, 30. (Ἀσσ. Πρές).— Διεψεύσθησαν αἱ φῆμαι ὅτι τρία τάγματα Ἀμερικανῶν πεζοναυτῶν θὰ ἀπεβιβάζοντο τὴν Δευτέραν εἰς Κύπρον. ΛΕΥΚΩΣΙΑ, 30.— Ὁ Ἀρχιεπίσκοπος Μακάριος ἐδήλωσεν ὅτι ἡ Κύπρος δὲν δέχεται ἀποστολὴν στρατευμάτων τοῦ Ν.Α.Τ.Ο.
ΑΡΘΡΟΝ ΤΗΣ «ΜΠΟΡΜΠΑ»
ΝΕΑ ΥΟΡΚΗ, 30. (Ἀσσ. Πρές).— Διεψεύσθησαν αἱ φῆμαι ὅτι τρία τάγματα Ἀμερικανῶν πεζοναυτῶν θὰ ἀπεβιβάζοντο τὴν Δευτέραν εἰς Κύπρον. ΛΕΥΚΩΣΙΑ, 30.— Ὁ Ἀρχιεπίσκοπος Μακάριος ἐδήλωσεν ὅτι ἡ Κύπρος δὲν δέχεται ἀποστολὴν στρατευμάτων τοῦ Ν.Α.Τ.Ο.
ΜΥΣΤΙΚΟΤΗΣ ΚΑΙ ΣΠΟΥΔΗ
ΝΕΑ ΥΟΡΚΗ, 30. (Ἀσσ. Πρές).— Διεψεύσθησαν αἱ φῆμαι ὅτι τρία τάγματα Ἀμερικανῶν πεζοναυτῶν θὰ ἀπεβιβάζοντο τὴν Δευτέραν εἰς Κύπρον. ΛΕΥΚΩΣΙΑ, 30.— Ὁ Ἀρχιεπίσκοπος Μακάριος ἐδήλωσεν ὅτι ἡ Κύπρος δὲν δέχεται ἀποστολὴν στρατευμάτων τοῦ Ν.Α.Τ.Ο.
Η ΕΠΙΣΚΟΠΗΣΙΣ ΤΟΥ ΟΗΕ
ΝΕΑ ΥΟΡΚΗ, 30. (Ἀσσ. Πρές).— Διεψεύσθησαν αἱ φῆμαι ὅτι τρία τάγματα Ἀμερικανῶν πεζοναυτῶν θὰ ἀπεβιβάζοντο τὴν Δευτέραν εἰς Κύπρον. ΛΕΥΚΩΣΙΑ, 30.— Ὁ Ἀρχιεπίσκοπος Μακάριος ἐδήλωσεν ὅτι ἡ Κύπρος δὲν δέχεται ἀποστολὴν στρατευμάτων τοῦ Ν.Α.Τ.Ο.
Ο ΡΟΛΟΣ ΤΟΥ ΚΑΝΑΔΑ
ΝΕΑ ΥΟΡΚΗ, 30. (Ἀσσ. Πρές).— Διεψεύσθησαν αἱ φῆμαι ὅτι τρία τάγματα Ἀμερικανῶν πεζοναυτῶν θὰ ἀπεβιβάζοντο τὴν Δευτέραν εἰς Κύπρον. ΛΕΥΚΩΣΙΑ, 30.— Ὁ Ἀρχιεπίσκοπος Μακάριος ἐδήλωσεν ὅτι ἡ Κύπρος δὲν δέχεται ἀποστολὴν στρατευμάτων τοῦ Ν.Α.Τ.Ο.
